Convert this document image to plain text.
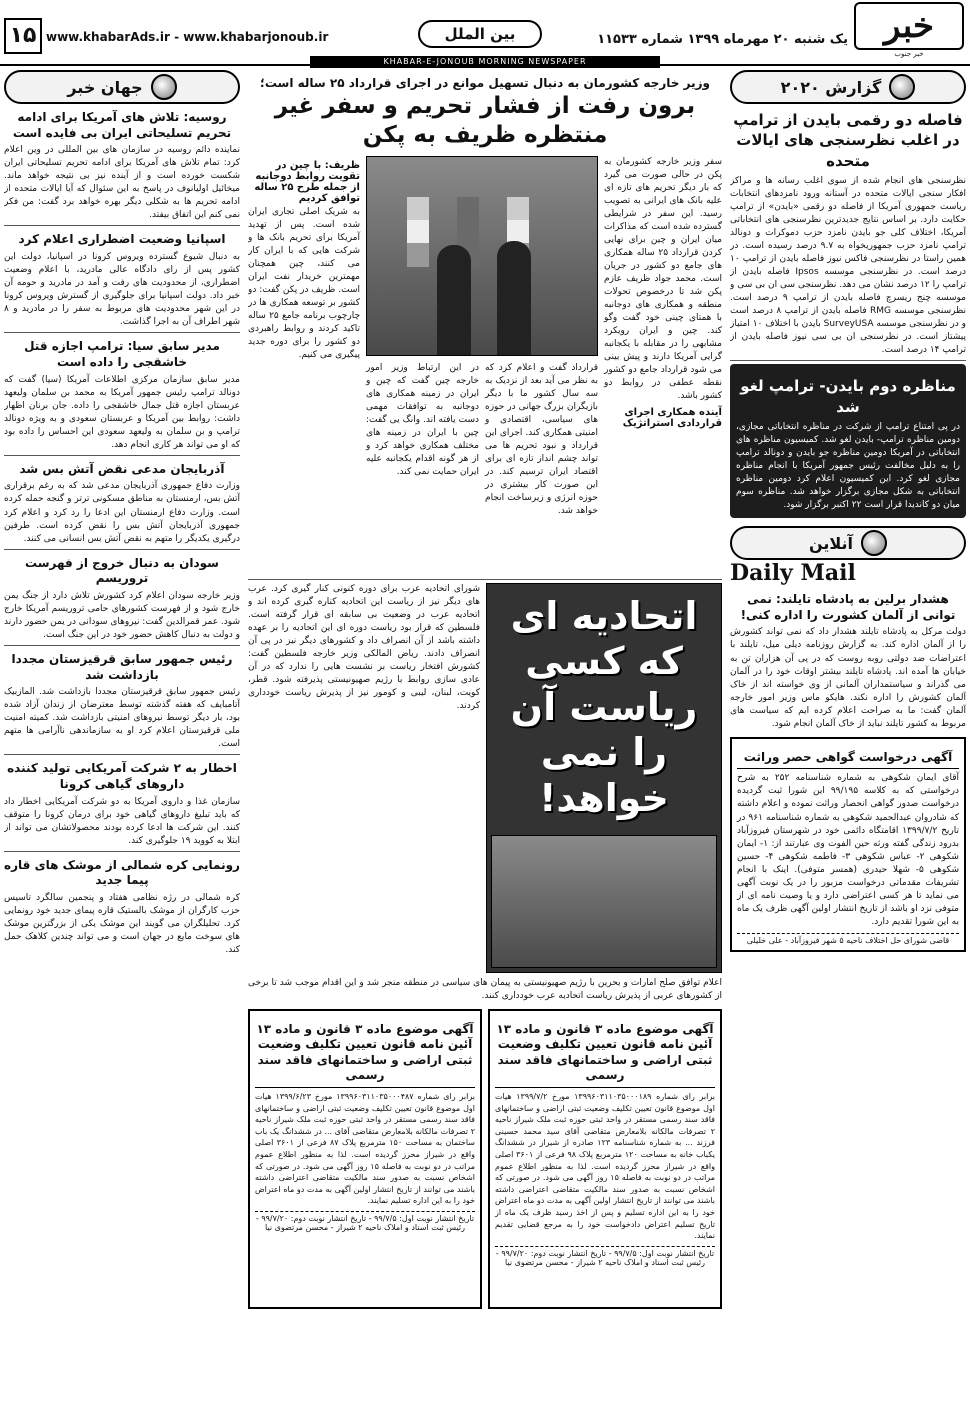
خبر
خبر جنوب
یک شنبه ۲۰ مهرماه ۱۳۹۹ شماره ۱۱۵۳۳
بین الملل
www.khabarAds.ir - www.khabarjonoub.ir
۱۵
KHABAR-E-JONOUB MORNING NEWSPAPER
گزارش ۲۰۲۰
فاصله دو رقمی بایدن از ترامپ در اغلب نظرسنجی های ایالات متحده

نظرسنجی های انجام شده از سوی اغلب رسانه ها و مراکز افکار سنجی ایالات متحده در آستانه ورود نامزدهای انتخابات ریاست جمهوری آمریکا از فاصله دو رقمی «بایدن» از ترامپ حکایت دارد. بر اساس نتایج جدیدترین نظرسنجی های انتخاباتی آمریکا، اختلاف کلی جو بایدن نامزد حزب دموکرات و دونالد ترامپ نامزد حزب جمهوریخواه به ۹.۷ درصد رسیده است. در همین راستا در نظرسنجی فاکس نیوز فاصله بایدن از ترامپ ۱۰ درصد است. در نظرسنجی موسسه Ipsos فاصله بایدن از ترامپ را ۱۲ درصد نشان می دهد. نظرسنجی سی ان بی سی و موسسه چنج ریسرچ فاصله بایدن از ترامپ ۹ درصد است. نظرسنجی موسسه RMG فاصله بایدن از ترامپ ۸ درصد است و در نظرسنجی موسسه SurveyUSA بایدن با اختلاف ۱۰ امتیاز پیشتاز است. در نظرسنجی ان بی سی نیوز فاصله بایدن از ترامپ ۱۴ درصد است.

مناظره دوم بایدن- ترامپ لغو شد

در پی امتناع ترامپ از شرکت در مناظره انتخاباتی مجازی، دومین مناظره ترامپ- بایدن لغو شد. کمیسیون مناظره های انتخاباتی در آمریکا دومین مناظره جو بایدن و دونالد ترامپ را به دلیل مخالفت رئیس جمهور آمریکا با انجام مناظره مجازی لغو کرد. این کمیسیون اعلام کرد دومین مناظره انتخاباتی به شکل مجازی برگزار خواهد شد. مناظره سوم میان دو کاندیدا قرار است ۲۲ اکتبر برگزار شود.

آنلاین
Daily Mail
هشدار برلین به پادشاه تایلند: نمی توانی از آلمان کشورت را اداره کنی!

دولت مرکل به پادشاه تایلند هشدار داد که نمی تواند کشورش را از آلمان اداره کند. به گزارش روزنامه دیلی میل، تایلند با اعتراضات ضد دولتی روبه روست که در پی آن هزاران تن به خیابان ها آمده اند. پادشاه تایلند بیشتر اوقات خود را در آلمان می گذراند و سیاستمداران آلمانی از وی خواسته اند از خاک آلمان کشورش را اداره نکند. هایکو ماس وزیر امور خارجه آلمان گفت: ما به صراحت اعلام کرده ایم که سیاست های مربوط به کشور تایلند نباید از خاک آلمان انجام شود.

آگهی درخواست گواهی حصر وراثت

آقای ایمان شکوهی به شماره شناسنامه ۲۵۲ به شرح درخواستی که به کلاسه ۹۹/۱۹۵ این شورا ثبت گردیده درخواست صدور گواهی انحصار وراثت نموده و اعلام داشته که شادروان عبدالحمید شکوهی به شماره شناسنامه ۹۶۱ در تاریخ ۱۳۹۹/۷/۲ اقامتگاه دائمی خود در شهرستان فیروزآباد بدرود زندگی گفته ورثه حین الفوت وی عبارتند از: ۱- ایمان شکوهی ۲- عباس شکوهی ۳- فاطمه شکوهی ۴- حسین شکوهی ۵- شهلا حیدری (همسر متوفی). اینک با انجام تشریفات مقدماتی درخواست مزبور را در یک نوبت آگهی می نماید تا هر کسی اعتراضی دارد و یا وصیت نامه ای از متوفی نزد او باشد از تاریخ انتشار اولین آگهی ظرف یک ماه به این شورا تقدیم دارد.

قاضی شورای حل اختلاف ناحیه ۵ شهر فیروزآباد - علی خلیلی
وزیر خارجه کشورمان به دنبال تسهیل موانع در اجرای قرارداد ۲۵ ساله است؛
برون رفت از فشار تحریم و سفر غیر منتظره ظریف به پکن

سفر وزیر خارجه کشورمان به پکن در حالی صورت می گیرد که بار دیگر تحریم های تازه ای علیه بانک های ایرانی به تصویب رسید. این سفر در شرایطی گسترده شده است که مذاکرات میان ایران و چین برای نهایی کردن قرارداد ۲۵ ساله همکاری های جامع دو کشور در جریان است. محمد جواد ظریف عازم پکن شد تا درخصوص تحولات منطقه و همکاری های دوجانبه با همتای چینی خود گفت وگو کند. چین و ایران رویکرد مشابهی را در مقابله با یکجانبه گرایی آمریکا دارند و پیش بینی می شود قرارداد جامع دو کشور نقطه عطفی در روابط دو کشور باشد.

آینده همکاری اجرای قراردادی استراتژیک

قرارداد گفت و اعلام کرد که به نظر می آید بعد از نزدیک به سه سال کشور ما با دیگر بازیگران بزرگ جهانی در حوزه های سیاسی، اقتصادی و امنیتی همکاری کند. اجرای این قرارداد و نبود تحریم ها می تواند چشم انداز تازه ای برای اقتصاد ایران ترسیم کند. در این صورت کار بیشتری در حوزه انرژی و زیرساخت انجام خواهد شد.

در این ارتباط وزیر امور خارجه چین گفت که چین و ایران در زمینه همکاری های دوجانبه به توافقات مهمی دست یافته اند. وانگ یی گفت: چین با ایران در زمینه های مختلف همکاری خواهد کرد و از هر گونه اقدام یکجانبه علیه ایران حمایت نمی کند.

ظریف: با چین در تقویت روابط دوجانبه از جمله طرح ۲۵ ساله توافق کردیم

به شریک اصلی تجاری ایران شده است. پس از تهدید آمریکا برای تحریم بانک ها و شرکت هایی که با ایران کار می کنند، چین همچنان مهمترین خریدار نفت ایران است. ظریف در پکن گفت: دو کشور بر توسعه همکاری ها در چارچوب برنامه جامع ۲۵ ساله تاکید کردند و روابط راهبردی دو کشور را برای دوره جدید پیگیری می کنیم.

اتحادیه ای که کسی ریاست آن را نمی خواهد!

شورای اتحادیه عرب برای دوره کنونی کنار گیری کرد. عرب های دیگر نیز از ریاست این اتحادیه کناره گیری کرده اند و اتحادیه عرب در وضعیت بی سابقه ای قرار گرفته است. فلسطین که قرار بود ریاست دوره ای این اتحادیه را بر عهده داشته باشد از آن انصراف داد و کشورهای دیگر نیز در پی آن انصراف دادند. ریاض المالکی وزیر خارجه فلسطین گفت: کشورش افتخار ریاست بر نشست هایی را ندارد که در آن عادی سازی روابط با رژیم صهیونیستی پذیرفته شود. قطر، کویت، لبنان، لیبی و کومور نیز از پذیرش ریاست خودداری کردند.

اعلام توافق صلح امارات و بحرین با رژیم صهیونیستی به پیمان های سیاسی در منطقه منجر شد و این اقدام موجب شد تا برخی از کشورهای عربی از پذیرش ریاست اتحادیه عرب خودداری کنند.

آگهی موضوع ماده ۳ قانون و ماده ۱۳ آئین نامه قانون تعیین تکلیف وضعیت ثبتی اراضی و ساختمانهای فاقد سند رسمی

برابر رای شماره ۱۳۹۹۶۰۳۱۱۰۳۵۰۰۰۱۸۹ مورخ ۱۳۹۹/۷/۲ هیات اول موضوع قانون تعیین تکلیف وضعیت ثبتی اراضی و ساختمانهای فاقد سند رسمی مستقر در واحد ثبتی حوزه ثبت ملک شیراز ناحیه ۲ تصرفات مالکانه بلامعارض متقاضی آقای سید محمد حسینی فرزند ... به شماره شناسنامه ۱۲۳ صادره از شیراز در ششدانگ یکباب خانه به مساحت ۱۲۰ مترمربع پلاک ۹۸ فرعی از ۳۶۰۱ اصلی واقع در شیراز محرز گردیده است. لذا به منظور اطلاع عموم مراتب در دو نوبت به فاصله ۱۵ روز آگهی می شود. در صورتی که اشخاص نسبت به صدور سند مالکیت متقاضی اعتراضی داشته باشند می توانند از تاریخ انتشار اولین آگهی به مدت دو ماه اعتراض خود را به این اداره تسلیم و پس از اخذ رسید ظرف یک ماه از تاریخ تسلیم اعتراض دادخواست خود را به مرجع قضایی تقدیم نمایند.

تاریخ انتشار نوبت اول: ۹۹/۷/۵ - تاریخ انتشار نوبت دوم: ۹۹/۷/۲۰ - رئیس ثبت اسناد و املاک ناحیه ۲ شیراز - محسن مرتضوی نیا
آگهی موضوع ماده ۳ قانون و ماده ۱۳ آئین نامه قانون تعیین تکلیف وضعیت ثبتی اراضی و ساختمانهای فاقد سند رسمی

برابر رای شماره ۱۳۹۹۶۰۳۱۱۰۳۵۰۰۰۴۸۷ مورخ ۱۳۹۹/۶/۲۳ هیات اول موضوع قانون تعیین تکلیف وضعیت ثبتی اراضی و ساختمانهای فاقد سند رسمی مستقر در واحد ثبتی حوزه ثبت ملک شیراز ناحیه ۲ تصرفات مالکانه بلامعارض متقاضی آقای ... در ششدانگ یک باب ساختمان به مساحت ۱۵۰ مترمربع پلاک ۸۷ فرعی از ۳۶۰۱ اصلی واقع در شیراز محرز گردیده است. لذا به منظور اطلاع عموم مراتب در دو نوبت به فاصله ۱۵ روز آگهی می شود. در صورتی که اشخاص نسبت به صدور سند مالکیت متقاضی اعتراضی داشته باشند می توانند از تاریخ انتشار اولین آگهی به مدت دو ماه اعتراض خود را به این اداره تسلیم نمایند.

تاریخ انتشار نوبت اول: ۹۹/۷/۵ - تاریخ انتشار نوبت دوم: ۹۹/۷/۲۰ - رئیس ثبت اسناد و املاک ناحیه ۲ شیراز - محسن مرتضوی نیا
جهان خبر
روسیه: تلاش های آمریکا برای ادامه تحریم تسلیحاتی ایران بی فایده است

نماینده دائم روسیه در سازمان های بین المللی در وین اعلام کرد: تمام تلاش های آمریکا برای ادامه تحریم تسلیحاتی ایران شکست خورده است و از آینده نیز بی نتیجه خواهد ماند. میخائیل اولیانوف در پاسخ به این سئوال که آیا ایالات متحده از ادامه تحریم ها به شکلی دیگر بهره خواهد برد گفت: من فکر نمی کنم این اتفاق بیفتد.

اسپانیا وضعیت اضطراری اعلام کرد

به دنبال شیوع گسترده ویروس کرونا در اسپانیا، دولت این کشور پس از رای دادگاه عالی مادرید، با اعلام وضعیت اضطراری، از محدودیت های رفت و آمد در مادرید و حومه آن خبر داد. دولت اسپانیا برای جلوگیری از گسترش ویروس کرونا در این شهر محدودیت های مربوط به سفر را در مادرید و ۸ شهر اطراف آن به اجرا گذاشت.

مدیر سابق سیا: ترامپ اجازه قتل خاشقجی را داده است

مدیر سابق سازمان مرکزی اطلاعات آمریکا (سیا) گفت که دونالد ترامپ رئیس جمهور آمریکا به محمد بن سلمان ولیعهد عربستان اجازه قتل جمال خاشقجی را داده. جان برنان اظهار داشت: روابط بین آمریکا و عربستان سعودی و به ویژه دونالد ترامپ و بن سلمان به ولیعهد سعودی این احساس را داده بود که او می تواند هر کاری انجام دهد.

آذربایجان مدعی نقض آتش بس شد

وزارت دفاع جمهوری آذربایجان مدعی شد که به رغم برقراری آتش بس، ارمنستان به مناطق مسکونی ترتر و گنجه حمله کرده است. وزارت دفاع ارمنستان این ادعا را رد کرد و اعلام کرد جمهوری آذربایجان آتش بس را نقض کرده است. طرفین درگیری یکدیگر را متهم به نقض آتش بس انسانی می کنند.

سودان به دنبال خروج از فهرست تروریسم

وزیر خارجه سودان اعلام کرد کشورش تلاش دارد از جنگ یمن خارج شود و از فهرست کشورهای حامی تروریسم آمریکا خارج شود. عمر قمرالدین گفت: نیروهای سودانی در یمن حضور دارند و دولت به دنبال کاهش حضور خود در این جنگ است.

رئیس جمهور سابق قرقیزستان مجددا بازداشت شد

رئیس جمهور سابق قرقیزستان مجددا بازداشت شد. المازبیک آتامبایف که هفته گذشته توسط معترضان از زندان آزاد شده بود، بار دیگر توسط نیروهای امنیتی بازداشت شد. کمیته امنیت ملی قرقیزستان اعلام کرد او به سازماندهی ناآرامی ها متهم است.

اخطار به ۲ شرکت آمریکایی تولید کننده داروهای گیاهی کرونا

سازمان غذا و داروی آمریکا به دو شرکت آمریکایی اخطار داد که باید تبلیغ داروهای گیاهی خود برای درمان کرونا را متوقف کنند. این شرکت ها ادعا کرده بودند محصولاتشان می تواند از ابتلا به کووید ۱۹ جلوگیری کند.

رونمایی کره شمالی از موشک های قاره پیما جدید

کره شمالی در رژه نظامی هفتاد و پنجمین سالگرد تاسیس حزب کارگران از موشک بالستیک قاره پیمای جدید خود رونمایی کرد. تحلیلگران می گویند این موشک یکی از بزرگترین موشک های سوخت مایع در جهان است و می تواند چندین کلاهک حمل کند.
